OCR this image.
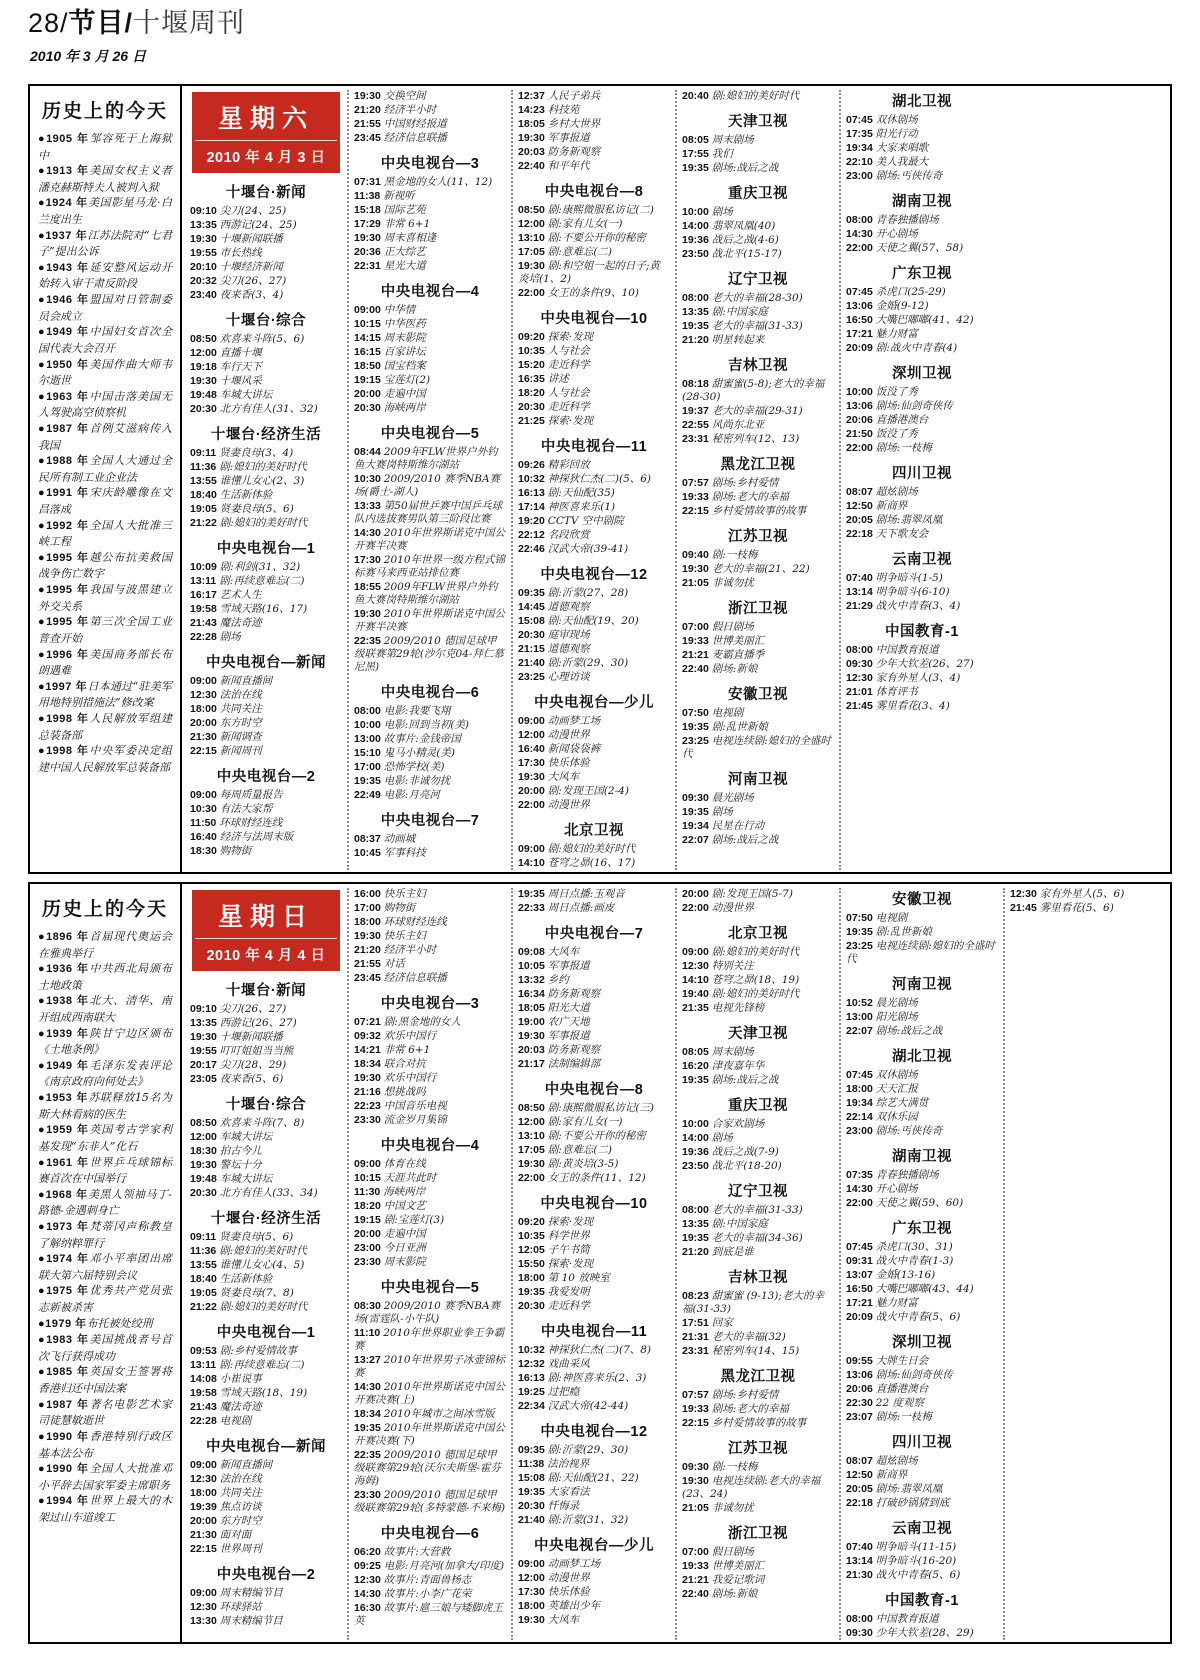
28/节目/十堰周刊
2010 年 3 月 26 日
历史上的今天

●1905 年邹容死于上海狱中

●1913 年美国女权主义者潘克赫斯特夫人被判入狱

●1924 年美国影星马龙·白兰度出生

●1937 年江苏法院对“七君子”提出公诉

●1943 年延安整风运动开始转入审干肃反阶段

●1946 年盟国对日管制委员会成立

●1949 年中国妇女首次全国代表大会召开

●1950 年美国作曲大师韦尔逝世

●1963 年中国击落美国无人驾驶高空侦察机

●1987 年首例艾滋病传入我国

●1988 年全国人大通过全民所有制工业企业法

●1991 年宋庆龄雕像在文昌落成

●1992 年全国人大批准三峡工程

●1995 年越公布抗美救国战争伤亡数字

●1995 年我国与波黑建立外交关系

●1995 年第三次全国工业普查开始

●1996 年美国商务部长布朗遇难

●1997 年日本通过“驻美军用地特别措施法”修改案

●1998 年人民解放军组建总装备部

●1998 年中央军委决定组建中国人民解放军总装备部

星期六
2010 年 4 月 3 日
十堰台·新闻

09:10 尖刀(24、25)

13:35 西游记(24、25)

19:30 十堰新闻联播

19:55 市长热线

20:10 十堰经济新闻

20:32 尖刀(26、27)

23:40 夜来香(3、4)

十堰台·综合

08:50 欢喜来斗阵(5、6)

12:00 直播十堰

19:18 车行天下

19:30 十堰风采

19:48 车城大讲坛

20:30 北方有佳人(31、32)

十堰台·经济生活

09:11 贤妻良母(3、4)

11:36 剧:媳妇的美好时代

13:55 谁懂儿女心(2、3)

18:40 生活新体验

19:05 贤妻良母(5、6)

21:22 剧:媳妇的美好时代

中央电视台—1

10:09 剧:利剑(31、32)

13:11 剧:再续意难忘(二)

16:17 艺术人生

19:58 雪域天路(16、17)

21:43 魔法奇迹

22:28 剧场

中央电视台—新闻

09:00 新闻直播间

12:30 法治在线

18:00 共同关注

20:00 东方时空

21:30 新闻调查

22:15 新闻周刊

中央电视台—2

09:00 每周质量报告

10:30 有法大家帮

11:50 环球财经连线

16:40 经济与法周末版

18:30 购物街

19:30 交换空间

21:20 经济半小时

21:55 中国财经报道

23:45 经济信息联播

中央电视台—3

07:31 黑金地的女人(11、12)

11:38 新视听

15:18 国际艺苑

17:29 非常 6+1

19:30 周末喜相逢

20:36 正大综艺

22:31 星光大道

中央电视台—4

09:00 中华情

10:15 中华医药

14:15 周末影院

16:15 百家讲坛

18:50 国宝档案

19:15 宝莲灯(2)

20:00 走遍中国

20:30 海峡两岸

中央电视台—5

08:44 2009年FLW世界户外钓鱼大赛岗特斯维尔湖站

10:30 2009/2010 赛季NBA赛场(爵士-湖人)

13:33 第50届世乒赛中国乒乓球队内选拔赛男队第三阶段比赛

14:30 2010年世界斯诺克中国公开赛半决赛

17:30 2010年世界一级方程式锦标赛马来西亚站排位赛

18:55 2009年FLW世界户外钓鱼大赛岗特斯维尔湖站

19:30 2010年世界斯诺克中国公开赛半决赛

22:35 2009/2010 德国足球甲级联赛第29轮(沙尔克04-拜仁慕尼黑)

中央电视台—6

08:00 电影:我要飞翔

10:00 电影:回到当初(美)

13:00 故事片:金钱帝国

15:10 鬼马小精灵(美)

17:00 恐怖学校(美)

19:35 电影:非诚勿扰

22:49 电影:月亮河

中央电视台—7

08:37 动画城

10:45 军事科技

12:37 人民子弟兵

14:23 科技苑

18:05 乡村大世界

19:30 军事报道

20:03 防务新观察

22:40 和平年代

中央电视台—8

08:50 剧:康熙微服私访记(二)

12:00 剧:家有儿女(一)

13:10 剧:不要公开你的秘密

17:05 剧:意难忘(二)

19:30 剧:和空姐一起的日子;黄炎培(1、2)

22:00 女王的条件(9、10)

中央电视台—10

09:20 探索·发现

10:35 人与社会

15:20 走近科学

16:35 讲述

18:20 人与社会

20:30 走近科学

21:25 探索·发现

中央电视台—11

09:26 精彩回放

10:32 神探狄仁杰(二)(5、6)

16:13 剧:天仙配(35)

17:14 神医喜来乐(1)

19:20 CCTV 空中剧院

22:12 名段欣赏

22:46 汉武大帝(39-41)

中央电视台—12

09:35 剧:沂蒙(27、28)

14:45 道德观察

15:08 剧:天仙配(19、20)

20:30 庭审现场

21:15 道德观察

21:40 剧:沂蒙(29、30)

23:25 心理访谈

中央电视台—少儿

09:00 动画梦工场

12:00 动漫世界

16:40 新闻袋袋裤

17:30 快乐体验

19:30 大风车

20:00 剧:发现王国(2-4)

22:00 动漫世界

北京卫视

09:00 剧:媳妇的美好时代

14:10 苍穹之昴(16、17)

20:40 剧:媳妇的美好时代

天津卫视

08:05 周末剧场

17:55 我们

19:35 剧场:战后之战

重庆卫视

10:00 剧场

14:00 翡翠凤凰(40)

19:36 战后之战(4-6)

23:50 战北平(15-17)

辽宁卫视

08:00 老大的幸福(28-30)

13:35 剧:中国家庭

19:35 老大的幸福(31-33)

21:20 明星转起来

吉林卫视

08:18 甜蜜蜜(5-8);老大的幸福(28-30)

19:37 老大的幸福(29-31)

22:55 风尚东北亚

23:31 秘密列车(12、13)

黑龙江卫视

07:57 剧场:乡村爱情

19:33 剧场:老大的幸福

22:15 乡村爱情故事的故事

江苏卫视

09:40 剧:一枝梅

19:30 老大的幸福(21、22)

21:05 非诚勿扰

浙江卫视

07:00 假日剧场

19:33 世博美丽汇

21:21 麦霸直播季

22:40 剧场:新娘

安徽卫视

07:50 电视剧

19:35 剧:乱世新娘

23:25 电视连续剧:媳妇的全盛时代

河南卫视

09:30 晨光剧场

19:35 剧场

19:34 民星在行动

22:07 剧场:战后之战

湖北卫视

07:45 双休剧场

17:35 阳光行动

19:34 大家来唱歌

22:10 美人我最大

23:00 剧场:丐侠传奇

湖南卫视

08:00 青春独播剧场

14:30 开心剧场

22:00 天使之翼(57、58)

广东卫视

07:45 杀虎口(25-29)

13:06 金婚(9-12)

16:50 大嘴巴嘟嘟(41、42)

17:21 魅力财富

20:09 剧:战火中青春(4)

深圳卫视

10:00 饭没了秀

13:06 剧场:仙剑奇侠传

20:06 直播港澳台

21:50 饭没了秀

22:00 剧场:一枝梅

四川卫视

08:07 超炫剧场

12:50 新商界

20:05 剧场:翡翠凤凰

22:18 天下歌友会

云南卫视

07:40 明争暗斗(1-5)

13:14 明争暗斗(6-10)

21:29 战火中青春(3、4)

中国教育-1

08:00 中国教育报道

09:30 少年大钦差(26、27)

12:30 家有外星人(3、4)

21:01 体育评书

21:45 雾里看花(3、4)

历史上的今天

●1896 年首届现代奥运会在雅典举行

●1936 年中共西北局颁布土地政策

●1938 年北大、清华、南开组成西南联大

●1939 年陕甘宁边区颁布《土地条例》

●1949 年毛泽东发表评论《南京政府向何处去》

●1953 年苏联释放15名为斯大林看病的医生

●1959 年英国考古学家利基发现“东非人”化石

●1961 年世界乒乓球锦标赛首次在中国举行

●1968 年美黑人领袖马丁-路德-金遇刺身亡

●1973 年梵蒂冈声称教皇了解纳粹罪行

●1974 年邓小平率团出席联大第六届特别会议

●1975 年优秀共产党员张志新被杀害

●1979 年布托被处绞刑

●1983 年美国挑战者号首次飞行获得成功

●1985 年英国女王签署将香港归还中国法案

●1987 年著名电影艺术家司徒慧敏逝世

●1990 年香港特别行政区基本法公布

●1990 年全国人大批准邓小平辞去国家军委主席职务

●1994 年世界上最大的木架过山车道竣工

星期日
2010 年 4 月 4 日
十堰台·新闻

09:10 尖刀(26、27)

13:35 西游记(26、27)

19:30 十堰新闻联播

19:55 叮叮姐姐当当熊

20:17 尖刀(28、29)

23:05 夜来香(5、6)

十堰台·综合

08:50 欢喜来斗阵(7、8)

12:00 车城大讲坛

18:30 拍古今儿

19:30 警坛十分

19:48 车城大讲坛

20:30 北方有佳人(33、34)

十堰台·经济生活

09:11 贤妻良母(5、6)

11:36 剧:媳妇的美好时代

13:55 谁懂儿女心(4、5)

18:40 生活新体验

19:05 贤妻良母(7、8)

21:22 剧:媳妇的美好时代

中央电视台—1

09:53 剧:乡村爱情故事

13:11 剧:再续意难忘(二)

14:08 小崔说事

19:58 雪域天路(18、19)

21:43 魔法奇迹

22:28 电视剧

中央电视台—新闻

09:00 新闻直播间

12:30 法治在线

18:00 共同关注

19:39 焦点访谈

20:00 东方时空

21:30 面对面

22:15 世界周刊

中央电视台—2

09:00 周末精编节目

12:30 环球驿站

13:30 周末精编节目

16:00 快乐主妇

17:00 购物街

18:00 环球财经连线

19:30 快乐主妇

21:20 经济半小时

21:55 对话

23:45 经济信息联播

中央电视台—3

07:21 剧:黑金地的女人

09:32 欢乐中国行

14:21 非常 6+1

18:34 联合对抗

19:30 欢乐中国行

21:16 想挑战吗

22:23 中国音乐电视

23:30 流金岁月集锦

中央电视台—4

09:00 体育在线

10:15 天涯共此时

11:30 海峡两岸

18:20 中国文艺

19:15 剧:宝莲灯(3)

20:00 走遍中国

23:00 今日亚洲

23:30 周末影院

中央电视台—5

08:30 2009/2010 赛季NBA赛场(雷霆队-小牛队)

11:10 2010年世界职业拳王争霸赛

13:27 2010年世界男子冰壶锦标赛

14:30 2010年世界斯诺克中国公开赛决赛(上)

18:34 2010年城市之间冰雪版

19:35 2010年世界斯诺克中国公开赛决赛(下)

22:35 2009/2010 德国足球甲级联赛第29轮(沃尔夫斯堡-霍芬海姆)

23:30 2009/2010 德国足球甲级联赛第29轮(多特蒙德-不来梅)

中央电视台—6

06:20 故事片:大营救

09:25 电影:月亮河(加拿大/印度)

12:30 故事片:青面兽杨志

14:30 故事片:小李广花荣

16:30 故事片:扈三娘与矮脚虎王英

19:35 周日点播:玉观音

22:33 周日点播:画皮

中央电视台—7

09:08 大风车

10:05 军事报道

13:32 乡约

16:34 防务新观察

18:05 阳光大道

19:00 农广天地

19:30 军事报道

20:03 防务新观察

21:17 法制编辑部

中央电视台—8

08:50 剧:康熙微服私访记(三)

12:00 剧:家有儿女(一)

13:10 剧:不要公开你的秘密

17:05 剧:意难忘(二)

19:30 剧:黄炎培(3-5)

22:00 女王的条件(11、12)

中央电视台—10

09:20 探索·发现

10:35 科学世界

12:05 子午书简

15:50 探索·发现

18:00 第 10 放映室

19:35 我爱发明

20:30 走近科学

中央电视台—11

10:32 神探狄仁杰(二)(7、8)

12:32 戏曲采风

16:13 剧:神医喜来乐(2、3)

19:25 过把瘾

22:34 汉武大帝(42-44)

中央电视台—12

09:35 剧:沂蒙(29、30)

11:38 法治视界

15:08 剧:天仙配(21、22)

19:35 大家看法

20:30 忏悔录

21:40 剧:沂蒙(31、32)

中央电视台—少儿

09:00 动画梦工场

12:00 动漫世界

17:30 快乐体验

18:00 英雄出少年

19:30 大风车

20:00 剧:发现王国(5-7)

22:00 动漫世界

北京卫视

09:00 剧:媳妇的美好时代

12:30 特别关注

14:10 苍穹之昴(18、19)

19:40 剧:媳妇的美好时代

21:35 电视先锋榜

天津卫视

08:05 周末剧场

16:20 津夜嘉年华

19:35 剧场:战后之战

重庆卫视

10:00 合家欢剧场

14:00 剧场

19:36 战后之战(7-9)

23:50 战北平(18-20)

辽宁卫视

08:00 老大的幸福(31-33)

13:35 剧:中国家庭

19:35 老大的幸福(34-36)

21:20 到底是谁

吉林卫视

08:23 甜蜜蜜 (9-13);老大的幸福(31-33)

17:51 回家

21:31 老大的幸福(32)

23:31 秘密列车(14、15)

黑龙江卫视

07:57 剧场:乡村爱情

19:33 剧场:老大的幸福

22:15 乡村爱情故事的故事

江苏卫视

09:30 剧:一枝梅

19:30 电视连续剧:老大的幸福(23、24)

21:05 非诚勿扰

浙江卫视

07:00 假日剧场

19:33 世博美丽汇

21:21 我爱记歌词

22:40 剧场:新娘

安徽卫视

07:50 电视剧

19:35 剧:乱世新娘

23:25 电视连续剧:媳妇的全盛时代

河南卫视

10:52 晨光剧场

13:00 阳光剧场

22:07 剧场:战后之战

湖北卫视

07:45 双休剧场

18:00 天天汇报

19:34 综艺大满贯

22:14 双休乐园

23:00 剧场:丐侠传奇

湖南卫视

07:35 青春独播剧场

14:30 开心剧场

22:00 天使之翼(59、60)

广东卫视

07:45 杀虎口(30、31)

09:31 战火中青春(1-3)

13:07 金婚(13-16)

16:50 大嘴巴嘟嘟(43、44)

17:21 魅力财富

20:09 战火中青春(5、6)

深圳卫视

09:55 大牌生日会

13:06 剧场:仙剑奇侠传

20:06 直播港澳台

22:30 22 度观察

23:07 剧场:一枝梅

四川卫视

08:07 超炫剧场

12:50 新商界

20:05 剧场:翡翠凤凰

22:18 打破砂锅猜到底

云南卫视

07:40 明争暗斗(11-15)

13:14 明争暗斗(16-20)

21:30 战火中青春(5、6)

中国教育-1

08:00 中国教育报道

09:30 少年大钦差(28、29)

12:30 家有外星人(5、6)

21:45 雾里看花(5、6)
